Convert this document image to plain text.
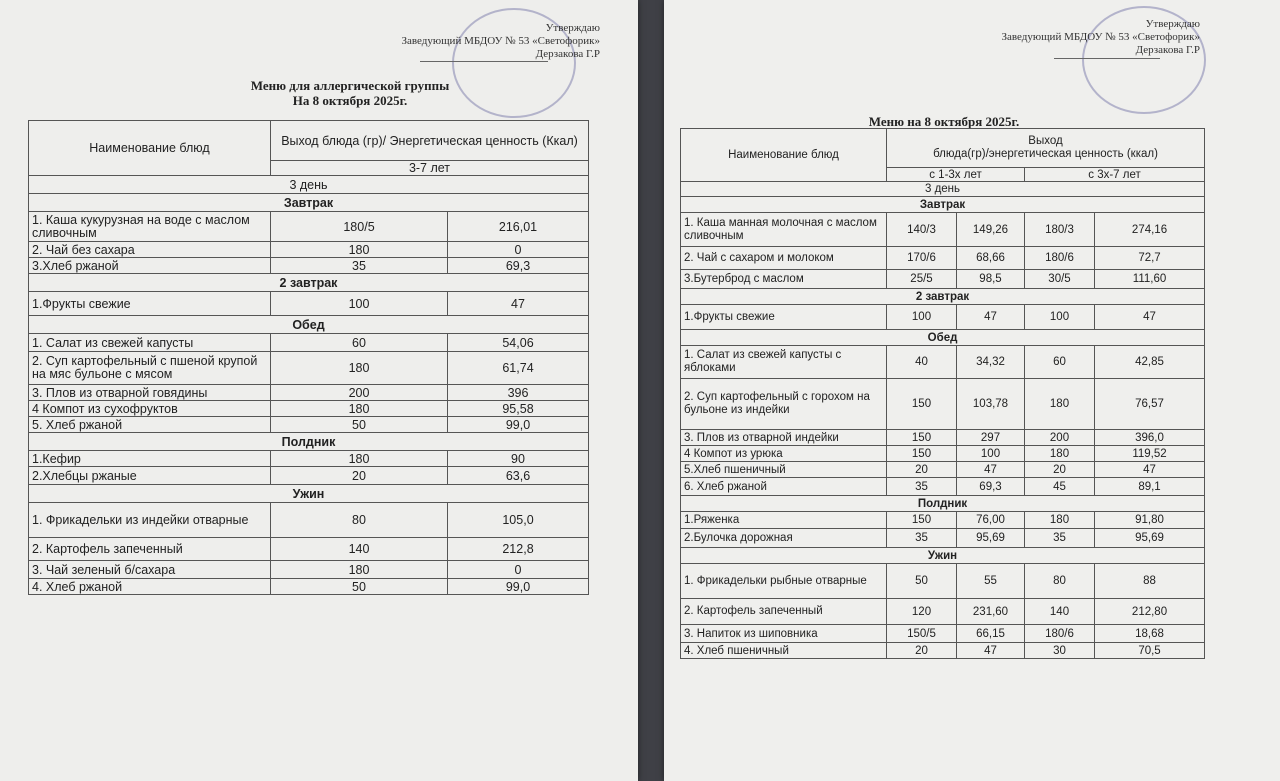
Утверждаю
Заведующий МБДОУ № 53 «Светофорик»
Дерзакова Г.Р
Меню для аллергической группы
На 8 октября 2025г.
Наименование блюд	Выход блюда (гр)/ Энергетическая ценность (Ккал)	
	3-7 лет	
3 день		
Завтрак		
1. Каша кукурузная на воде с маслом сливочным	180/5	216,01
2. Чай без сахара	180	0
3.Хлеб ржаной	35	69,3
2 завтрак		
1.Фрукты свежие	100	47
Обед		
1. Салат из свежей капусты	60	54,06
2. Суп картофельный с пшеной крупой на мяс бульоне с мясом	180	61,74
3. Плов из отварной говядины	200	396
4 Компот из сухофруктов	180	95,58
5. Хлеб ржаной	50	99,0
Полдник		
1.Кефир	180	90
2.Хлебцы ржаные	20	63,6
Ужин		
1. Фрикадельки из индейки отварные	80	105,0
2. Картофель запеченный	140	212,8
3. Чай зеленый б/сахара	180	0
4. Хлеб ржаной	50	99,0
Утверждаю
Заведующий МБДОУ № 53 «Светофорик»
Дерзакова Г.Р
Меню на 8 октября 2025г.
Наименование блюд	Выход
блюда(гр)/энергетическая ценность (ккал)			

	с 1-3х лет		с 3х-7 лет	
3 день				
Завтрак				
1. Каша манная молочная с маслом сливочным	140/3	149,26	180/3	274,16
2. Чай с сахаром и молоком	170/6	68,66	180/6	72,7
3.Бутерброд с маслом	25/5	98,5	30/5	111,60
2 завтрак				
1.Фрукты свежие	100	47	100	47
Обед				
1. Салат из свежей капусты с яблоками	40	34,32	60	42,85
2. Суп картофельный с горохом на бульоне из индейки	150	103,78	180	76,57
3. Плов из отварной индейки	150	297	200	396,0
4 Компот из урюка	150	100	180	119,52
5.Хлеб пшеничный	20	47	20	47
6. Хлеб ржаной	35	69,3	45	89,1
Полдник				
1.Ряженка	150	76,00	180	91,80
2.Булочка дорожная	35	95,69	35	95,69
Ужин				
1. Фрикадельки рыбные отварные	50	55	80	88
2. Картофель запеченный	120	231,60	140	212,80
3. Напиток из шиповника	150/5	66,15	180/6	18,68
4. Хлеб пшеничный	20	47	30	70,5
